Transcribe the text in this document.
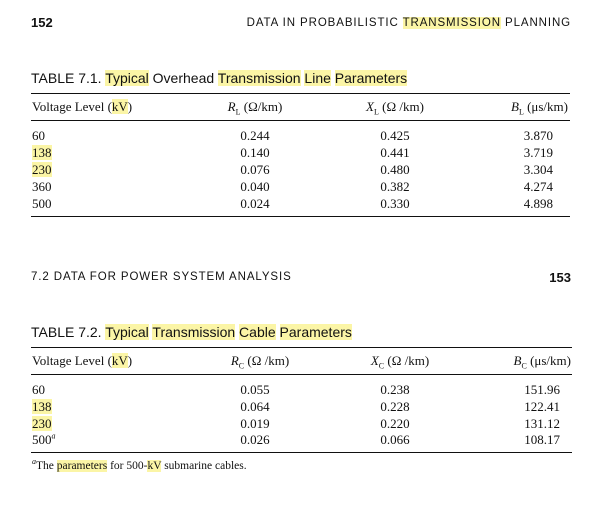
152	DATA IN PROBABILISTIC TRANSMISSION PLANNING
TABLE 7.1. Typical Overhead Transmission Line Parameters
Voltage Level (kV)	$R_L$ (Ω/km)	$X_L$ (Ω /km)	$B_L$ (μs/km)
60	0.244	0.425	3.870
138	0.140	0.441	3.719
230	0.076	0.480	3.304
360	0.040	0.382	4.274
500	0.024	0.330	4.898
7.2 DATA FOR POWER SYSTEM ANALYSIS	153
TABLE 7.2. Typical Transmission Cable Parameters
Voltage Level (kV)	$R_C$ (Ω /km)	$X_C$ (Ω /km)	$B_C$ (μs/km)
60	0.055	0.238	151.96
138	0.064	0.228	122.41
230	0.019	0.220	131.12
500$^a$	0.026	0.066	108.17
$^a$The parameters for 500-kV submarine cables.
